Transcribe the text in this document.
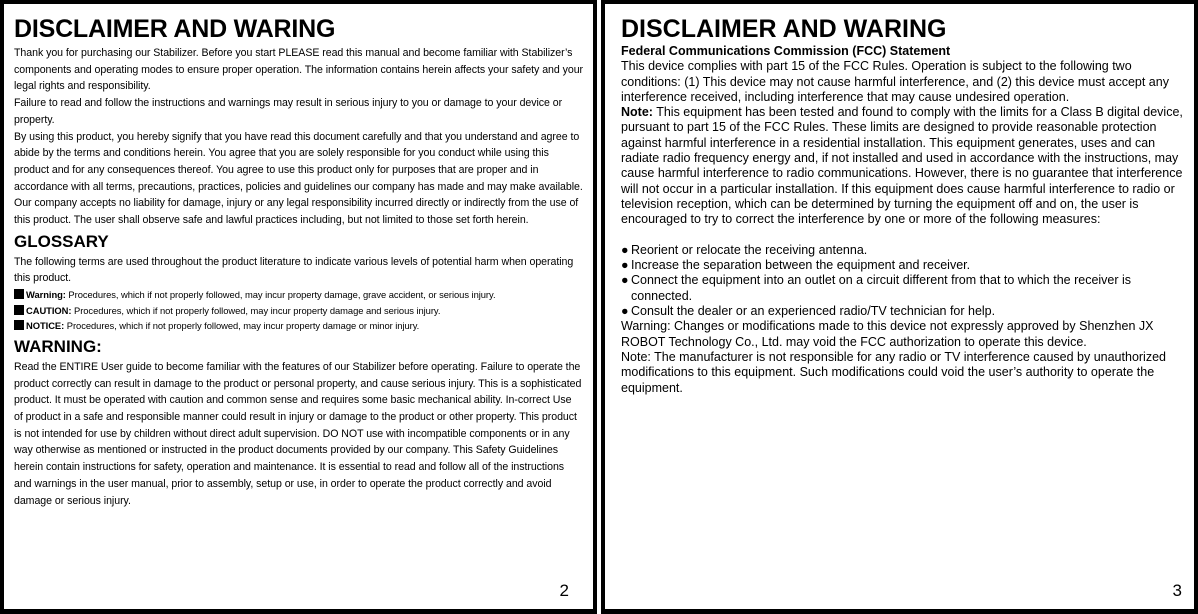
DISCLAIMER AND WARING

Thank you for purchasing our Stabilizer. Before you start PLEASE read this manual and become familiar with Stabilizer’s components and operating modes to ensure proper operation. The information contains herein affects your safety and your legal rights and responsibility.

Failure to read and follow the instructions and warnings may result in serious injury to you or damage to your device or property.

By using this product, you hereby signify that you have read this document carefully and that you understand and agree to abide by the terms and conditions herein. You agree that you are solely responsible for you conduct while using this product and for any consequences thereof. You agree to use this product only for purposes that are proper and in accordance with all terms, precautions, practices, policies and guidelines our company has made and may make available.

Our company accepts no liability for damage, injury or any legal responsibility incurred directly or indirectly from the use of this product. The user shall observe safe and lawful practices including, but not limited to those set forth herein.

GLOSSARY

The following terms are used throughout the product literature to indicate various levels of potential harm when operating this product.

Warning: Procedures, which if not properly followed, may incur property damage, grave accident, or serious injury.

CAUTION: Procedures, which if not properly followed, may incur property damage and serious injury.

NOTICE: Procedures, which if not properly followed, may incur property damage or minor injury.

WARNING:

Read the ENTIRE User guide to become familiar with the features of our Stabilizer before operating. Failure to operate the product correctly can result in damage to the product or personal property, and cause serious injury. This is a sophisticated product. It must be operated with caution and common sense and requires some basic mechanical ability. In-correct Use of product in a safe and responsible manner could result in injury or damage to the product or other property. This product is not intended for use by children without direct adult supervision. DO NOT use with incompatible components or in any way otherwise as mentioned or instructed in the product documents provided by our company. This Safety Guidelines herein contain instructions for safety, operation and maintenance. It is essential to read and follow all of the instructions and warnings in the user manual, prior to assembly, setup or use, in order to operate the product correctly and avoid damage or serious injury.

2
DISCLAIMER AND WARING

Federal Communications Commission (FCC) Statement

This device complies with part 15 of the FCC Rules. Operation is subject to the following two conditions: (1) This device may not cause harmful interference, and (2) this device must accept any interference received, including interference that may cause undesired operation.

Note: This equipment has been tested and found to comply with the limits for a Class B digital device, pursuant to part 15 of the FCC Rules. These limits are designed to provide reasonable protection against harmful interference in a residential installation. This equipment generates, uses and can radiate radio frequency energy and, if not installed and used in accordance with the instructions, may cause harmful interference to radio communications. However, there is no guarantee that interference will not occur in a particular installation. If this equipment does cause harmful interference to radio or television reception, which can be determined by turning the equipment off and on, the user is encouraged to try to correct the interference by one or more of the following measures:

● Reorient or relocate the receiving antenna.

● Increase the separation between the equipment and receiver.

● Connect the equipment into an outlet on a circuit different from that to which the receiver is connected.

● Consult the dealer or an experienced radio/TV technician for help.

Warning: Changes or modifications made to this device not expressly approved by Shenzhen JX ROBOT Technology Co., Ltd. may void the FCC authorization to operate this device.

Note: The manufacturer is not responsible for any radio or TV interference caused by unauthorized modifications to this equipment. Such modifications could void the user’s authority to operate the equipment.

3
